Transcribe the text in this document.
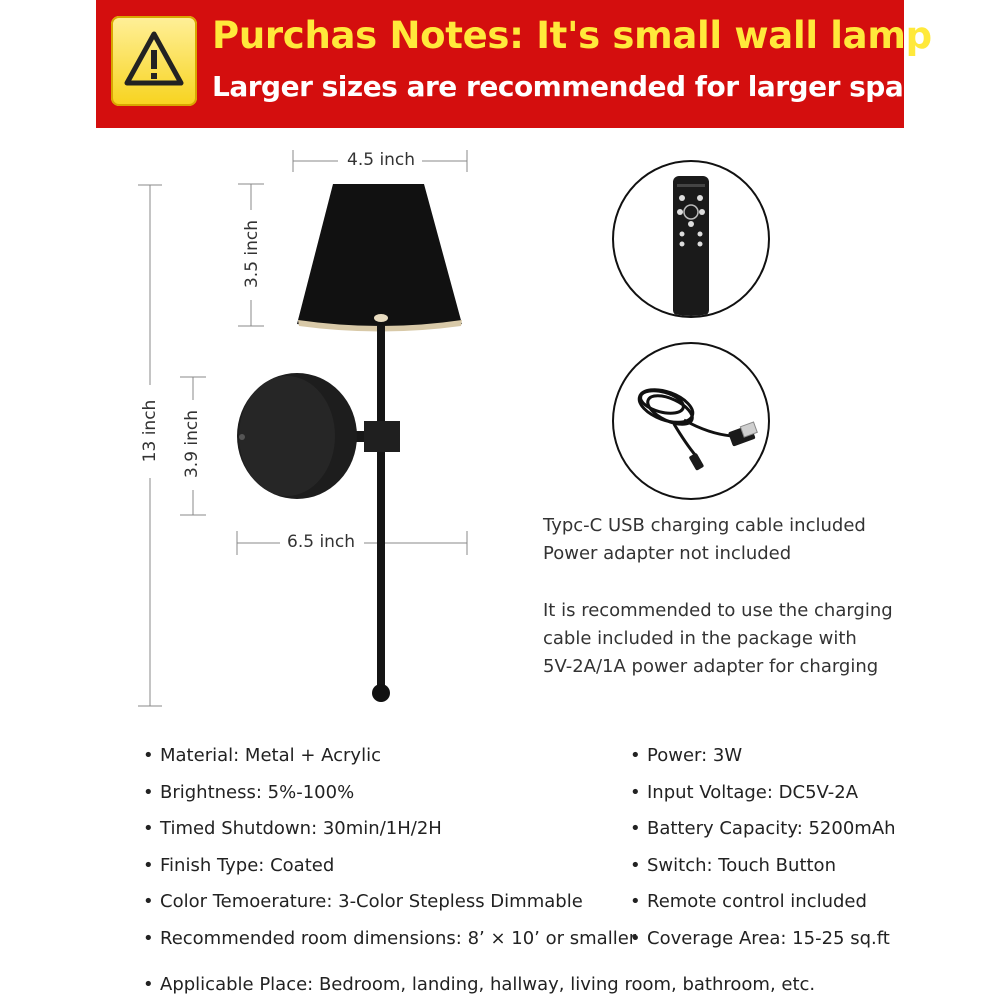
Purchas Notes: It's small wall lamp
Larger sizes are recommended for larger spaces
4.5 inch
3.5 inch
13 inch 3.9 inch
6.5 inch
Typc-C USB charging cable included
Power adapter not included
It is recommended to use the charging
cable included in the package with
5V-2A/1A power adapter for charging
• Material: Metal + Acrylic
• Brightness: 5%-100%
• Timed Shutdown: 30min/1H/2H
• Finish Type: Coated
• Color Temoerature: 3-Color Stepless Dimmable
• Recommended room dimensions: 8’ × 10’ or smaller
• Power: 3W
• Input Voltage: DC5V-2A
• Battery Capacity: 5200mAh
• Switch: Touch Button
• Remote control included
• Coverage Area: 15-25 sq.ft
• Applicable Place: Bedroom, landing, hallway, living room, bathroom, etc.
